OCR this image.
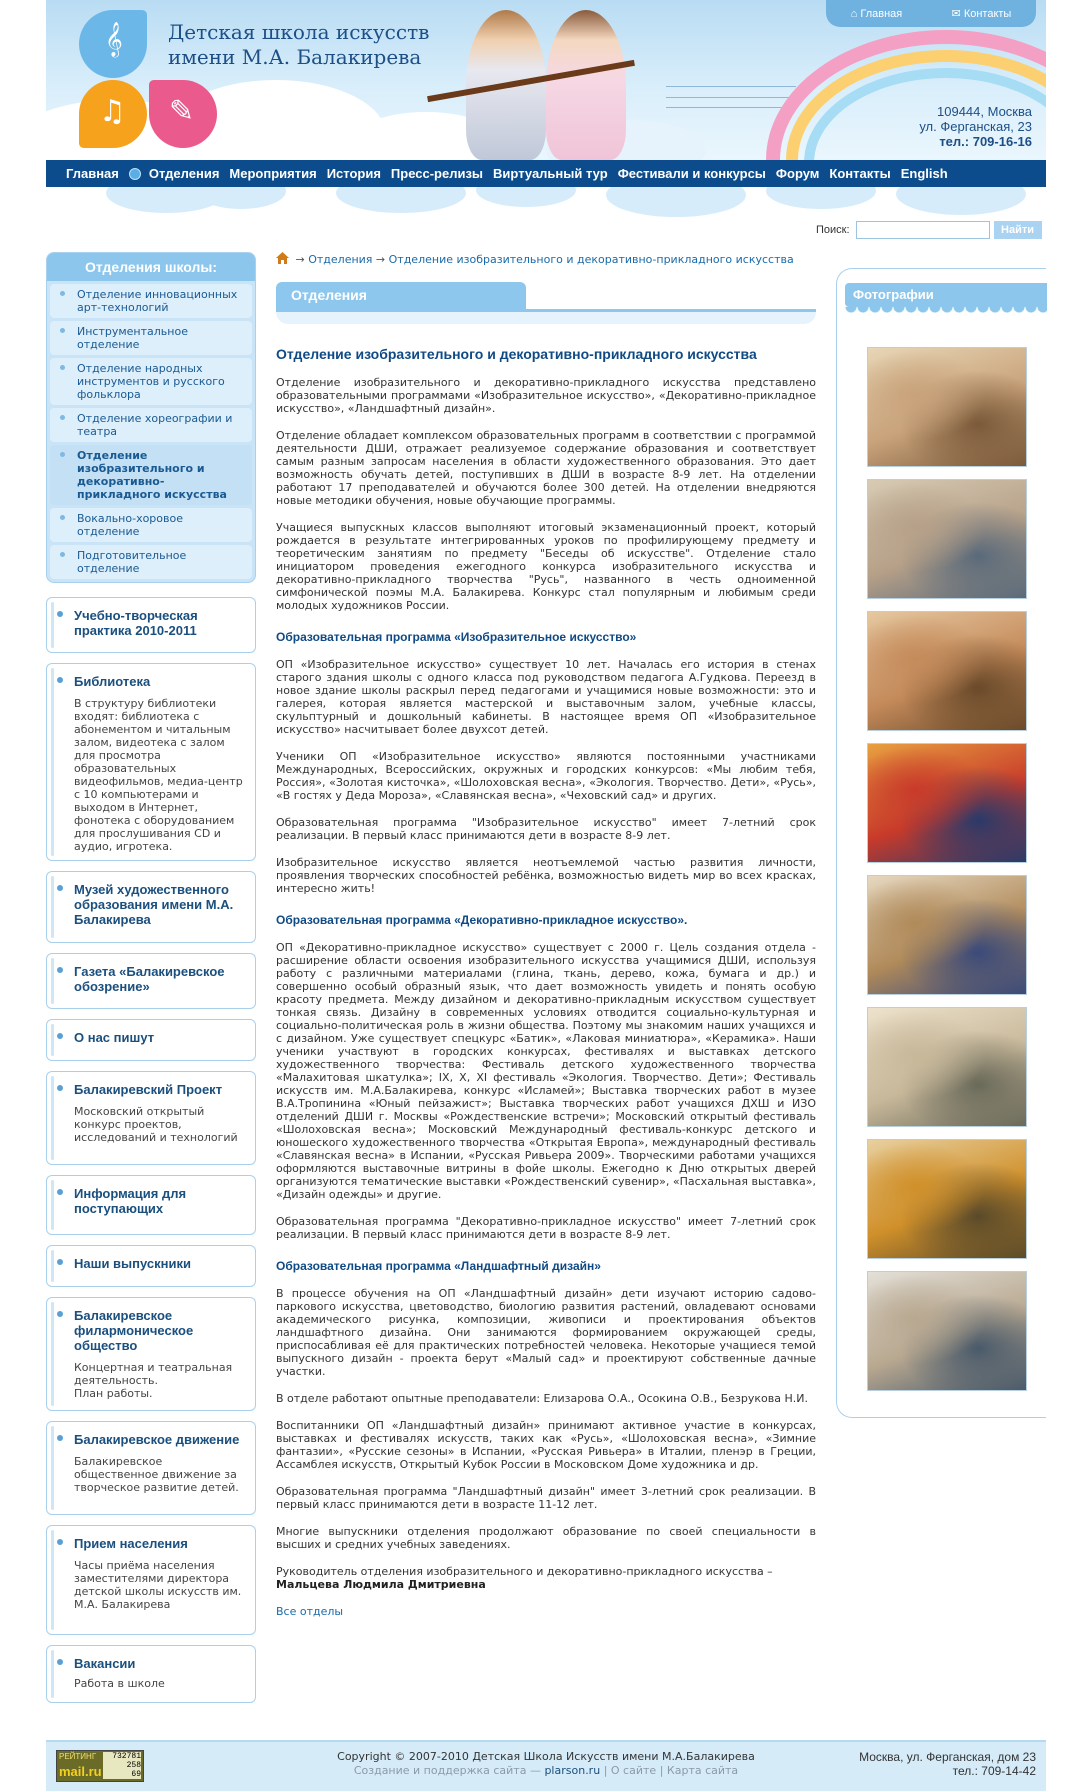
𝄞
♫ ✎
Детская школа искусств
имени М.А. Балакирева
⌂ Главная	✉ Контакты
109444, Москва
ул. Ферганская, 23
тел.: 709-16-16
Главная Отделения Мероприятия История Пресс-релизы Виртуальный тур Фестивали и конкурсы Форум Контакты English
Поиск:	Найти
Отделения школы:
Отделение инновационных арт-технологий
Инструментальное отделение
Отделение народных инструментов и русского фольклора
Отделение хореографии и театра
Отделение изобразительного и декоративно-прикладного искусства
Вокально-хоровое отделение
Подготовительное отделение
Учебно-творческая практика 2010-2011
Библиотека
В структуру библиотеки входят: библиотека с абонементом и читальным залом, видеотека с залом для просмотра образовательных видеофильмов, медиа-центр с 10 компьютерами и выходом в Интернет, фонотека с оборудованием для прослушивания CD и аудио, игротека.
Музей художественного образования имени М.А. Балакирева
Газета «Балакиревское обозрение»
О нас пишут
Балакиревский Проект
Московский открытый конкурс проектов, исследований и технологий
Информация для поступающих
Наши выпускники
Балакиревское филармоническое общество
Концертная и театральная деятельность.
План работы.
Балакиревское движение
Балакиревское общественное движение за творческое развитие детей.
Прием населения
Часы приёма населения заместителями директора детской школы искусств им. М.А. Балакирева
Вакансии
Работа в школе
→ Отделения → Отделение изобразительного и декоративно-прикладного искусства
Отделения
Отделение изобразительного и декоративно-прикладного искусства

Отделение изобразительного и декоративно-прикладного искусства представлено образовательными программами «Изобразительное искусство», «Декоративно-прикладное искусство», «Ландшафтный дизайн».

Отделение обладает комплексом образовательных программ в соответствии с программой деятельности ДШИ, отражает реализуемое содержание образования и соответствует самым разным запросам населения в области художественного образования. Это дает возможность обучать детей, поступивших в ДШИ в возрасте 8-9 лет. На отделении работают 17 преподавателей и обучаются более 300 детей. На отделении внедряются новые методики обучения, новые обучающие программы.

Учащиеся выпускных классов выполняют итоговый экзаменационный проект, который рождается в результате интегрированных уроков по профилирующему предмету и теоретическим занятиям по предмету "Беседы об искусстве". Отделение стало инициатором проведения ежегодного конкурса изобразительного искусства и декоративно-прикладного творчества "Русь", названного в честь одноименной симфонической поэмы М.А. Балакирева. Конкурс стал популярным и любимым среди молодых художников России.

Образовательная программа «Изобразительное искусство»

ОП «Изобразительное искусство» существует 10 лет. Началась его история в стенах старого здания школы с одного класса под руководством педагога А.Гудкова. Переезд в новое здание школы раскрыл перед педагогами и учащимися новые возможности: это и галерея, которая является мастерской и выставочным залом, учебные классы, скульптурный и дошкольный кабинеты. В настоящее время ОП «Изобразительное искусство» насчитывает более двухсот детей.

Ученики ОП «Изобразительное искусство» являются постоянными участниками Международных, Всероссийских, окружных и городских конкурсов: «Мы любим тебя, Россия», «Золотая кисточка», «Шолоховская весна», «Экология. Творчество. Дети», «Русь», «В гостях у Деда Мороза», «Славянская весна», «Чеховский сад» и других.

Образовательная программа "Изобразительное искусство" имеет 7-летний срок реализации. В первый класс принимаются дети в возрасте 8-9 лет.

Изобразительное искусство является неотъемлемой частью развития личности, проявления творческих способностей ребёнка, возможностью видеть мир во всех красках, интересно жить!

Образовательная программа «Декоративно-прикладное искусство».

ОП «Декоративно-прикладное искусство» существует с 2000 г. Цель создания отдела - расширение области освоения изобразительного искусства учащимися ДШИ, используя работу с различными материалами (глина, ткань, дерево, кожа, бумага и др.) и совершенно особый образный язык, что дает возможность увидеть и понять особую красоту предмета. Между дизайном и декоративно-прикладным искусством существует тонкая связь. Дизайну в современных условиях отводится социально-культурная и социально-политическая роль в жизни общества. Поэтому мы знакомим наших учащихся и с дизайном. Уже существует спецкурс «Батик», «Лаковая миниатюра», «Керамика». Наши ученики участвуют в городских конкурсах, фестивалях и выставках детского художественного творчества: Фестиваль детского художественного творчества «Малахитовая шкатулка»; IX, X, XI фестиваль «Экология. Творчество. Дети»; Фестиваль искусств им. М.А.Балакирева, конкурс «Исламей»; Выставка творческих работ в музее В.А.Тропинина «Юный пейзажист»; Выставка творческих работ учащихся ДХШ и ИЗО отделений ДШИ г. Москвы «Рождественские встречи»; Московский открытый фестиваль «Шолоховская весна»; Московский Международный фестиваль-конкурс детского и юношеского художественного творчества «Открытая Европа», международный фестиваль «Славянская весна» в Испании, «Русская Ривьера 2009». Творческими работами учащихся оформляются выставочные витрины в фойе школы. Ежегодно к Дню открытых дверей организуются тематические выставки «Рождественский сувенир», «Пасхальная выставка», «Дизайн одежды» и другие.

Образовательная программа "Декоративно-прикладное искусство" имеет 7-летний срок реализации. В первый класс принимаются дети в возрасте 8-9 лет.

Образовательная программа «Ландшафтный дизайн»

В процессе обучения на ОП «Ландшафтный дизайн» дети изучают историю садово-паркового искусства, цветоводство, биологию развития растений, овладевают основами академического рисунка, композиции, живописи и проектирования объектов ландшафтного дизайна. Они занимаются формированием окружающей среды, приспосабливая её для практических потребностей человека. Некоторые учащиеся темой выпускного дизайн - проекта берут «Малый сад» и проектируют собственные дачные участки.

В отделе работают опытные преподаватели: Елизарова О.А., Осокина О.В., Безрукова Н.И.

Воспитанники ОП «Ландшафтный дизайн» принимают активное участие в конкурсах, выставках и фестивалях искусств, таких как «Русь», «Шолоховская весна», «Зимние фантазии», «Русские сезоны» в Испании, «Русская Ривьера» в Италии, пленэр в Греции, Ассамблея искусств, Открытый Кубок России в Московском Доме художника и др.

Образовательная программа "Ландшафтный дизайн" имеет 3-летний срок реализации. В первый класс принимаются дети в возрасте 11-12 лет.

Многие выпускники отделения продолжают образование по своей специальности в высших и средних учебных заведениях.

Руководитель отделения изобразительного и декоративно-прикладного искусства –
Мальцева Людмила Дмитриевна

Все отделы
Фотографии
РЕЙТИНГ
mail.ru
732781
258
69
Copyright © 2007-2010 Детская Школа Искусств имени М.А.Балакирева
Создание и поддержка сайта — plarson.ru | О сайте | Карта сайта
Москва, ул. Ферганская, дом 23
тел.: 709-14-42
